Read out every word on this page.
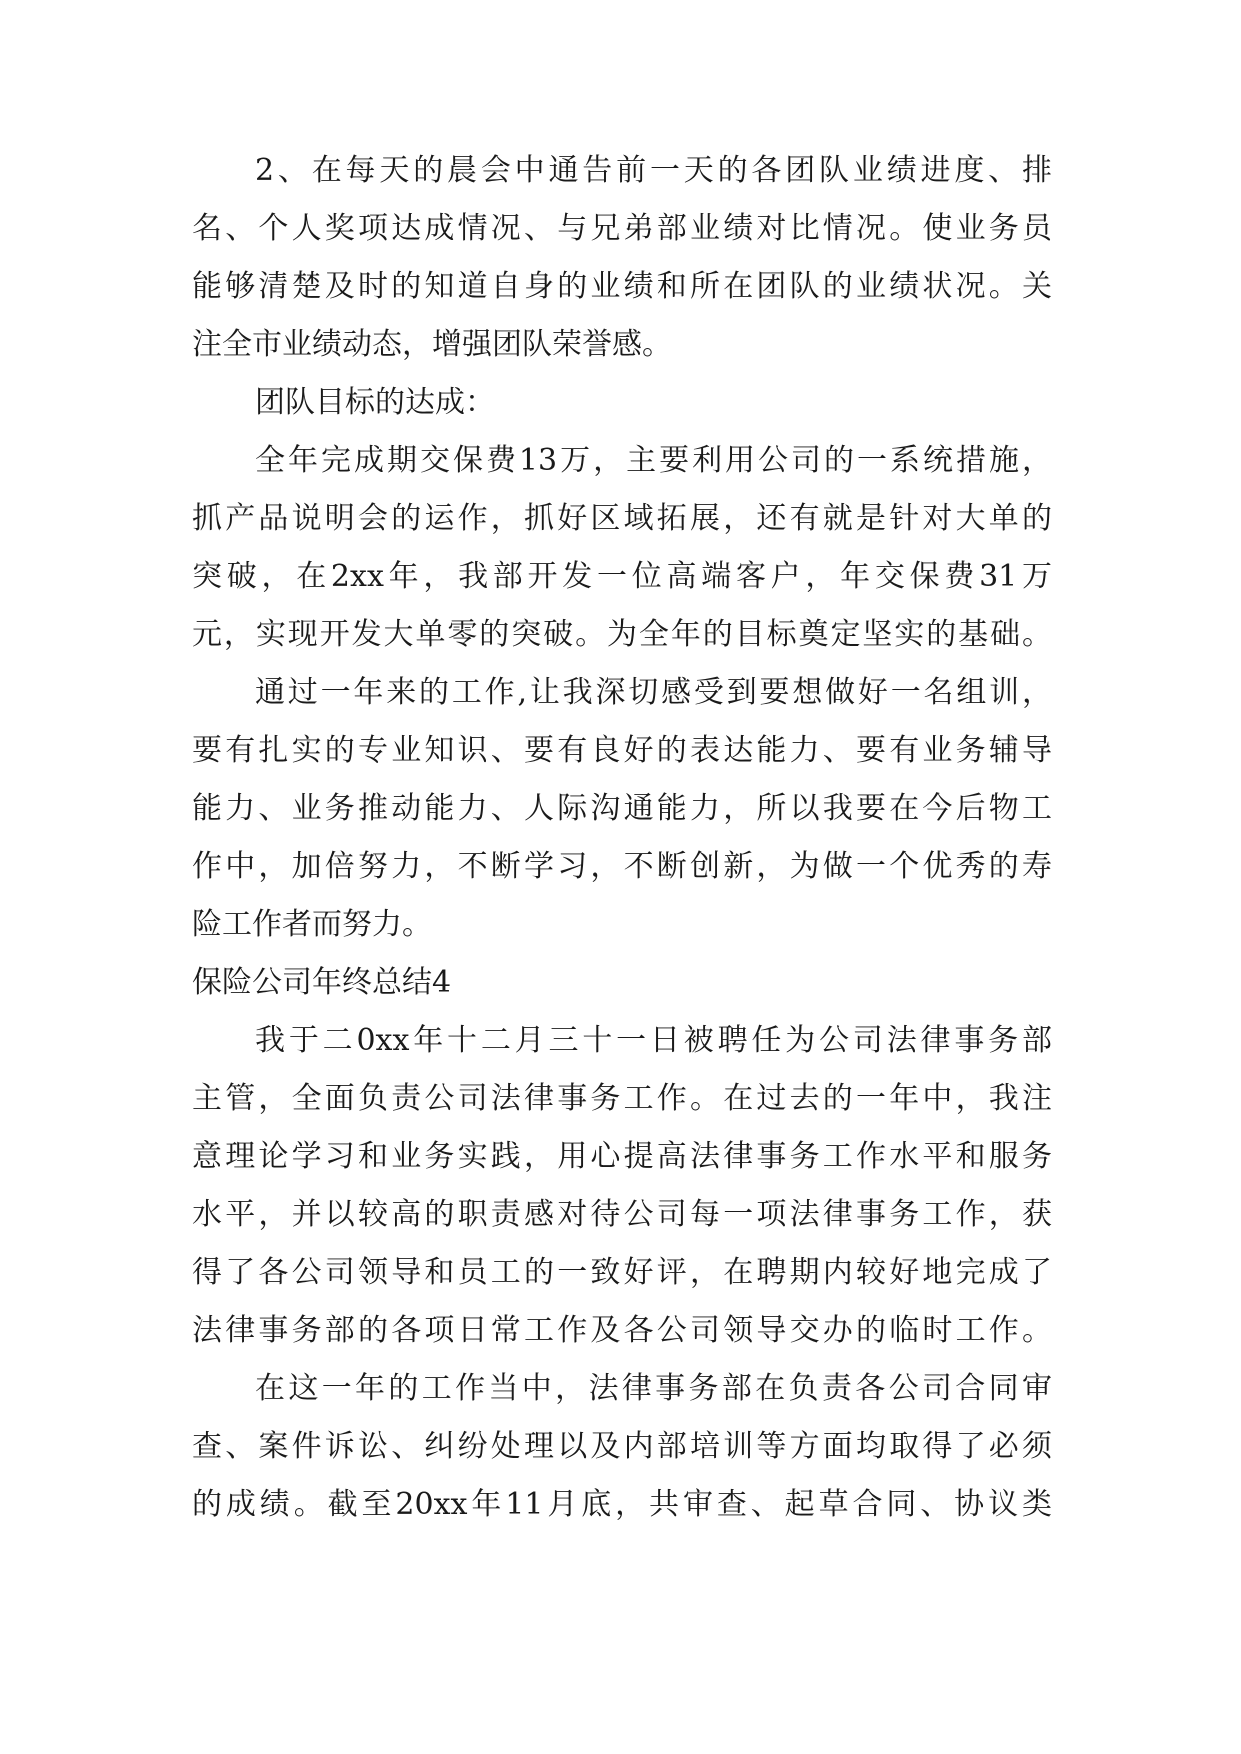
2、在每天的晨会中通告前一天的各团队业绩进度、排
名、个人奖项达成情况、与兄弟部业绩对比情况。使业务员
能够清楚及时的知道自身的业绩和所在团队的业绩状况。关
注全市业绩动态，增强团队荣誉感。
团队目标的达成：
全年完成期交保费13万，主要利用公司的一系统措施，
抓产品说明会的运作，抓好区域拓展，还有就是针对大单的
突破，在2xx年，我部开发一位高端客户，年交保费31万
元，实现开发大单零的突破。为全年的目标奠定坚实的基础。
通过一年来的工作,让我深切感受到要想做好一名组训，
要有扎实的专业知识、要有良好的表达能力、要有业务辅导
能力、业务推动能力、人际沟通能力，所以我要在今后物工
作中，加倍努力，不断学习，不断创新，为做一个优秀的寿
险工作者而努力。
保险公司年终总结4
我于二0xx年十二月三十一日被聘任为公司法律事务部
主管，全面负责公司法律事务工作。在过去的一年中，我注
意理论学习和业务实践，用心提高法律事务工作水平和服务
水平，并以较高的职责感对待公司每一项法律事务工作，获
得了各公司领导和员工的一致好评，在聘期内较好地完成了
法律事务部的各项日常工作及各公司领导交办的临时工作。
在这一年的工作当中，法律事务部在负责各公司合同审
查、案件诉讼、纠纷处理以及内部培训等方面均取得了必须
的成绩。截至20xx年11月底，共审查、起草合同、协议类
